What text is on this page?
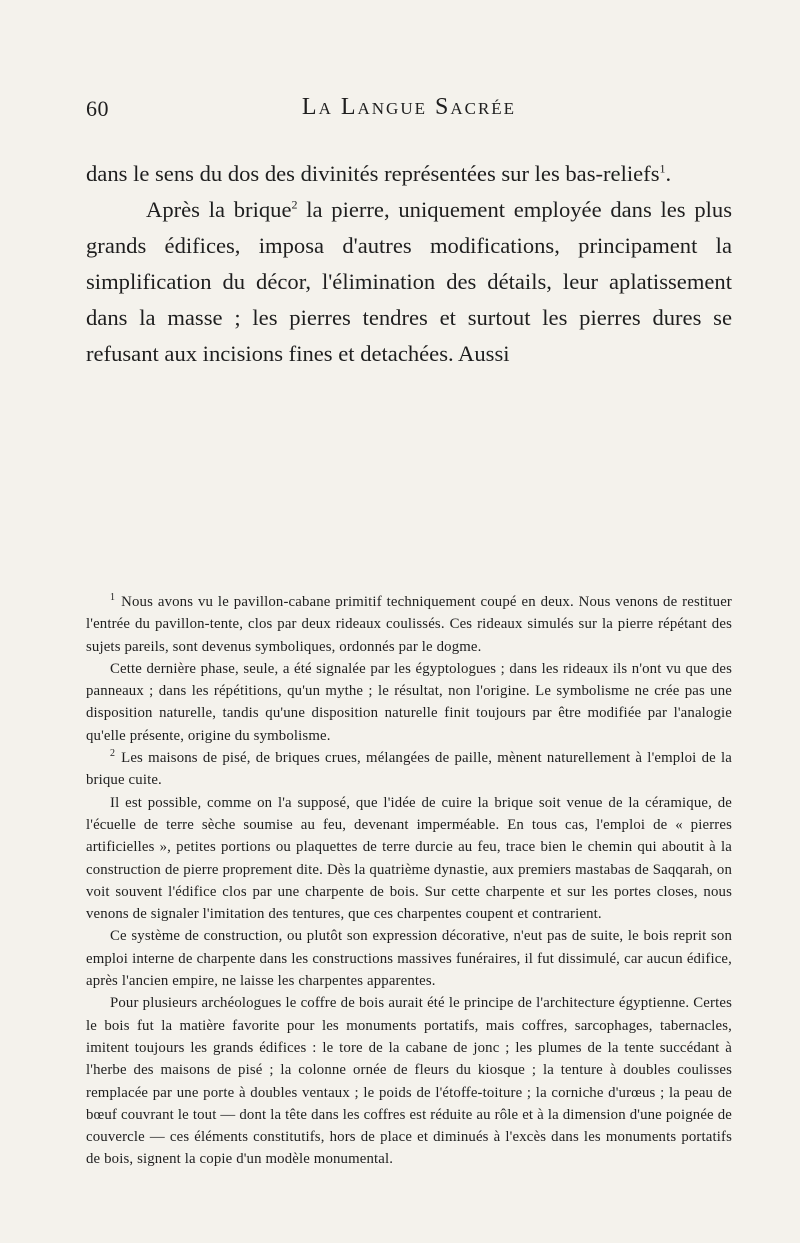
60	La Langue Sacrée

dans le sens du dos des divinités représentées sur les bas-reliefs$^1$.

Après la brique$^2$ la pierre, uniquement employée dans les plus grands édifices, imposa d'autres modifications, principament la simplification du décor, l'élimination des détails, leur aplatissement dans la masse ; les pierres tendres et surtout les pierres dures se refusant aux incisions fines et detachées. Aussi

$^1$ Nous avons vu le pavillon-cabane primitif techniquement coupé en deux. Nous venons de restituer l'entrée du pavillon-tente, clos par deux rideaux coulissés. Ces rideaux simulés sur la pierre répétant des sujets pareils, sont devenus symboliques, ordonnés par le dogme.

Cette dernière phase, seule, a été signalée par les égyptologues ; dans les rideaux ils n'ont vu que des panneaux ; dans les répétitions, qu'un mythe ; le résultat, non l'origine. Le symbolisme ne crée pas une disposition naturelle, tandis qu'une disposition naturelle finit toujours par être modifiée par l'analogie qu'elle présente, origine du symbolisme.

$^2$ Les maisons de pisé, de briques crues, mélangées de paille, mènent naturellement à l'emploi de la brique cuite.

Il est possible, comme on l'a supposé, que l'idée de cuire la brique soit venue de la céramique, de l'écuelle de terre sèche soumise au feu, devenant imperméable. En tous cas, l'emploi de « pierres artificielles », petites portions ou plaquettes de terre durcie au feu, trace bien le chemin qui aboutit à la construction de pierre proprement dite. Dès la quatrième dynastie, aux premiers mastabas de Saqqarah, on voit souvent l'édifice clos par une charpente de bois. Sur cette charpente et sur les portes closes, nous venons de signaler l'imitation des tentures, que ces charpentes coupent et contrarient.

Ce système de construction, ou plutôt son expression décorative, n'eut pas de suite, le bois reprit son emploi interne de charpente dans les constructions massives funéraires, il fut dissimulé, car aucun édifice, après l'ancien empire, ne laisse les charpentes apparentes.

Pour plusieurs archéologues le coffre de bois aurait été le principe de l'architecture égyptienne. Certes le bois fut la matière favorite pour les monuments portatifs, mais coffres, sarcophages, tabernacles, imitent toujours les grands édifices : le tore de la cabane de jonc ; les plumes de la tente succédant à l'herbe des maisons de pisé ; la colonne ornée de fleurs du kiosque ; la tenture à doubles coulisses remplacée par une porte à doubles ventaux ; le poids de l'étoffe-toiture ; la corniche d'urœus ; la peau de bœuf couvrant le tout — dont la tête dans les coffres est réduite au rôle et à la dimension d'une poignée de couvercle — ces éléments constitutifs, hors de place et diminués à l'excès dans les monuments portatifs de bois, signent la copie d'un modèle monumental.
